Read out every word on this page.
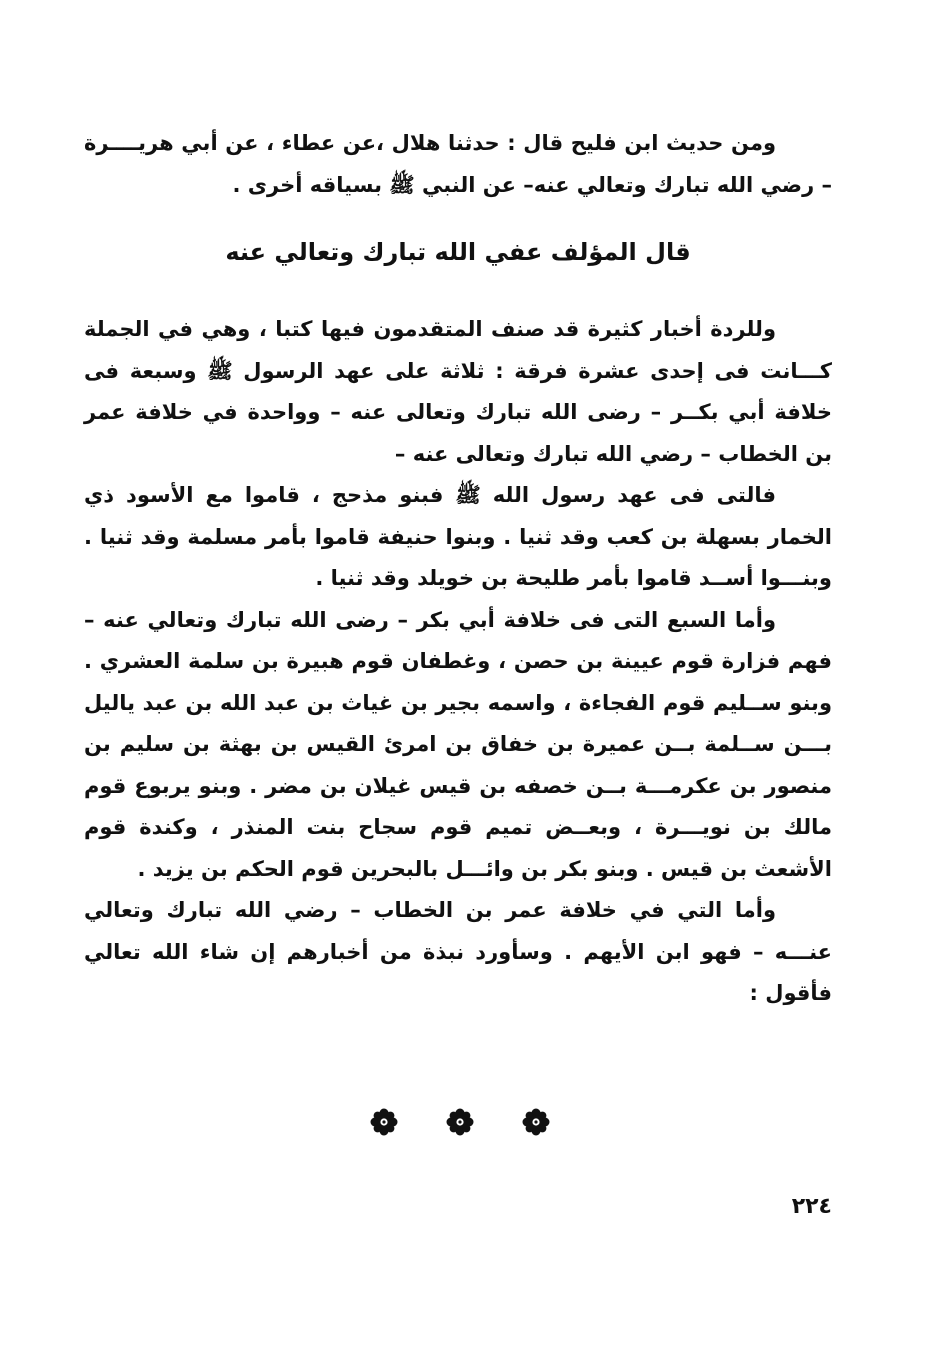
ومن حديث ابن فليح قال : حدثنا هلال ،عن عطاء ، عن أبي هريــــرة – رضي الله تبارك وتعالي عنه– عن النبي ﷺ بسياقه أخرى .

قال المؤلف عفي الله تبارك وتعالي عنه

وللردة أخبار كثيرة قد صنف المتقدمون فيها كتبا ، وهي في الجملة كـــانت فى إحدى عشرة فرقة : ثلاثة على عهد الرسول ﷺ وسبعة فى خلافة أبي بكــر – رضى الله تبارك وتعالى عنه – وواحدة في خلافة عمر بن الخطاب – رضي الله تبارك وتعالى عنه –

فالتى فى عهد رسول الله ﷺ فبنو مذحج ، قاموا مع الأسود ذي الخمار بسهلة بن كعب وقد ثنيا . وبنوا حنيفة قاموا بأمر مسلمة وقد ثنيا . وبنـــوا أســد قاموا بأمر طليحة بن خويلد وقد ثنيا .

وأما السبع التى فى خلافة أبي بكر – رضى الله تبارك وتعالي عنه – فهم فزارة قوم عيينة بن حصن ، وغطفان قوم هبيرة بن سلمة العشري . وبنو ســليم قوم الفجاءة ، واسمه بجير بن غياث بن عبد الله بن عبد ياليل بـــن ســلمة بــن عميرة بن خفاق بن امرئ القيس بن بهثة بن سليم بن منصور بن عكرمـــة بــن خصفه بن قيس غيلان بن مضر . وبنو يربوع قوم مالك بن نويـــرة ، وبعــض تميم قوم سجاح بنت المنذر ، وكندة قوم الأشعث بن قيس . وبنو بكر بن وائـــل بالبحرين قوم الحكم بن يزيد .

وأما التي في خلافة عمر بن الخطاب – رضي الله تبارك وتعالي عنـــه – فهو ابن الأيهم . وسأورد نبذة من أخبارهم إن شاء الله تعالي فأقول :

٢٢٤
